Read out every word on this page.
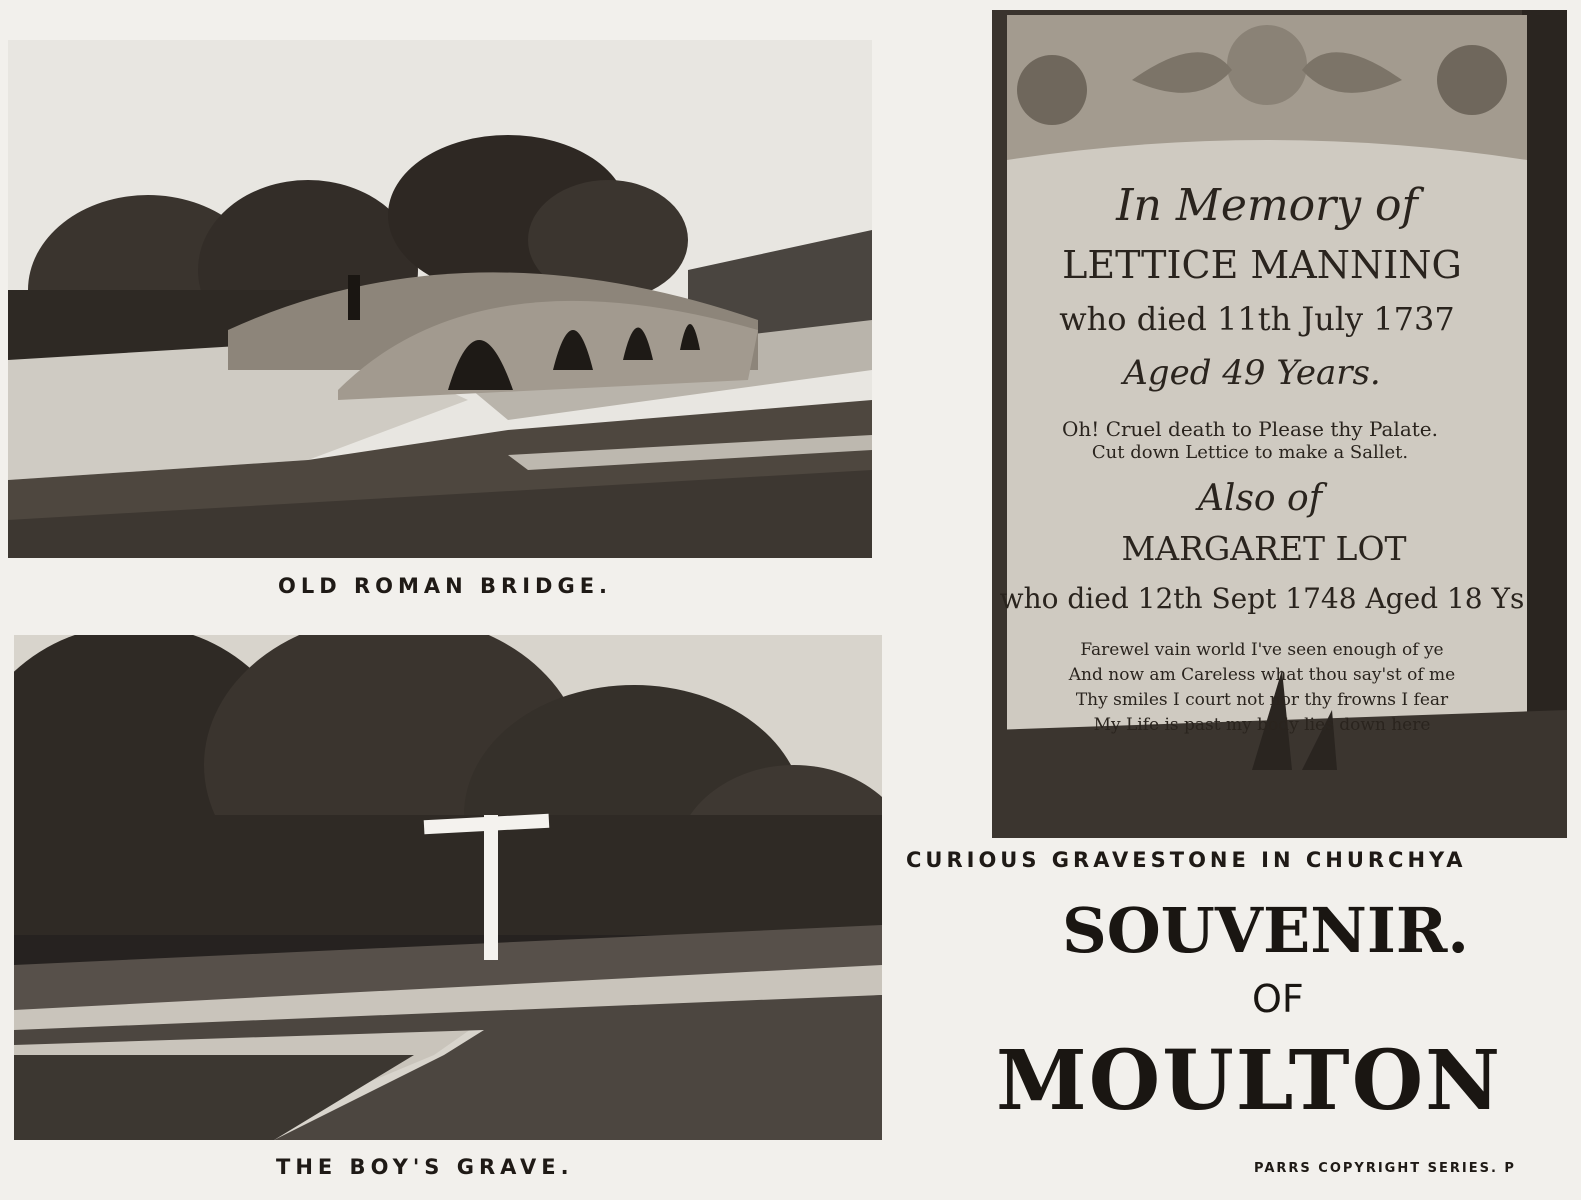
OLD ROMAN BRIDGE.

THE BOY'S GRAVE.

In Memory of
LETTICE MANNING
who died 11th July 1737
Aged 49 Years.
Oh! Cruel death to Please thy Palate.
Cut down Lettice to make a Sallet.
Also of
MARGARET LOT
who died 12th Sept 1748 Aged 18 Ys
Farewel vain world I've seen enough of ye
And now am Careless what thou say'st of me
Thy smiles I court not nor thy frowns I fear
My Life is past my body lies down here

CURIOUS GRAVESTONE IN CHURCHYA

SOUVENIR.
OF
MOULTON

PARRS COPYRIGHT SERIES. P
